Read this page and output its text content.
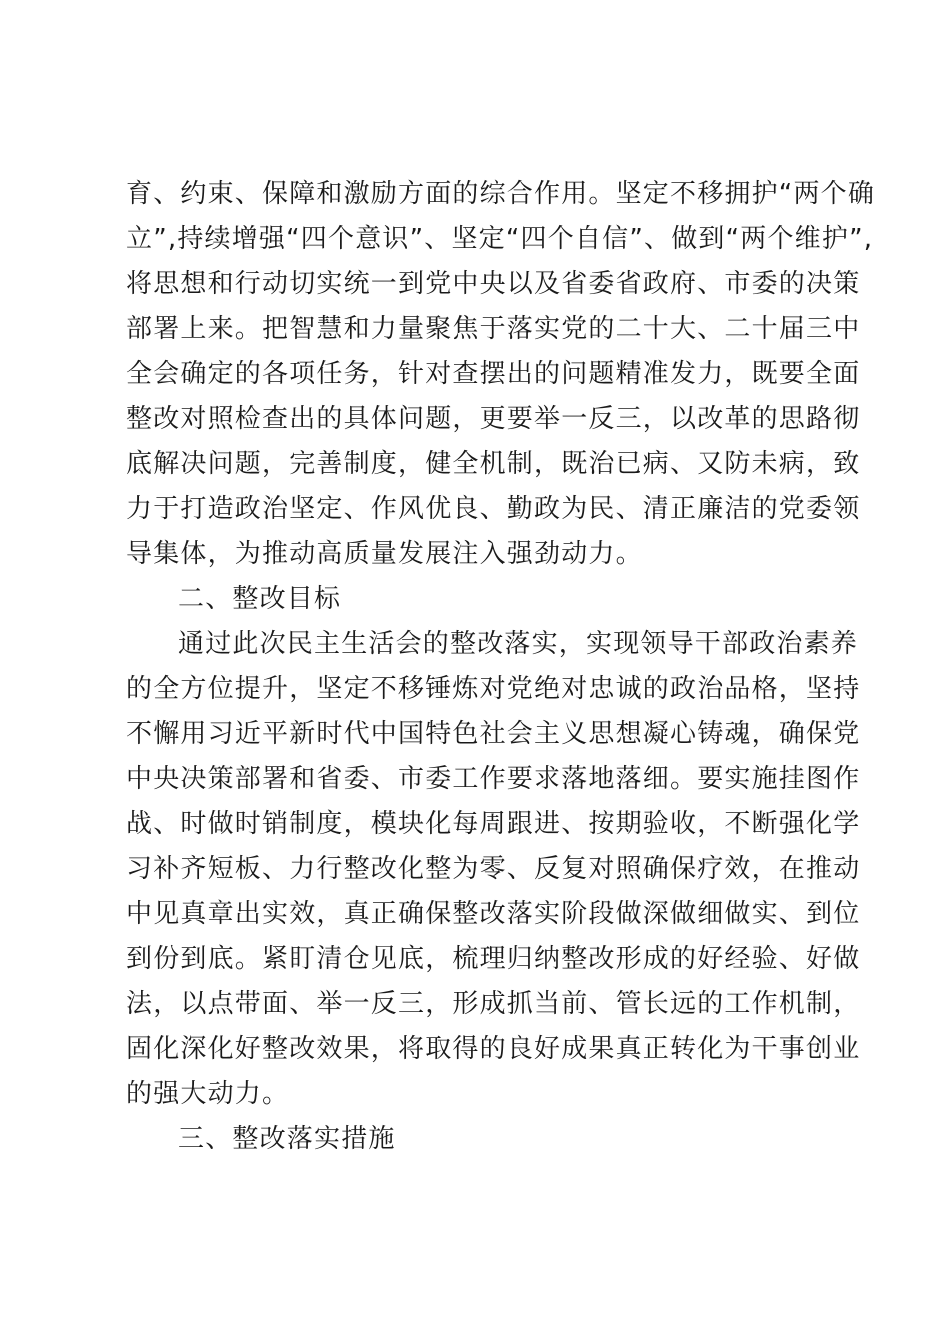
育、约束、保障和激励方面的综合作用。坚定不移拥护“两个确
立”,持续增强“四个意识”、坚定“四个自信”、做到“两个维护”,
将思想和行动切实统一到党中央以及省委省政府、市委的决策
部署上来。把智慧和力量聚焦于落实党的二十大、二十届三中
全会确定的各项任务，针对查摆出的问题精准发力，既要全面
整改对照检查出的具体问题，更要举一反三，以改革的思路彻
底解决问题，完善制度，健全机制，既治已病、又防未病，致
力于打造政治坚定、作风优良、勤政为民、清正廉洁的党委领
导集体，为推动高质量发展注入强劲动力。
二、整改目标
通过此次民主生活会的整改落实，实现领导干部政治素养
的全方位提升，坚定不移锤炼对党绝对忠诚的政治品格，坚持
不懈用习近平新时代中国特色社会主义思想凝心铸魂，确保党
中央决策部署和省委、市委工作要求落地落细。要实施挂图作
战、时做时销制度，模块化每周跟进、按期验收，不断强化学
习补齐短板、力行整改化整为零、反复对照确保疗效，在推动
中见真章出实效，真正确保整改落实阶段做深做细做实、到位
到份到底。紧盯清仓见底，梳理归纳整改形成的好经验、好做
法，以点带面、举一反三，形成抓当前、管长远的工作机制，
固化深化好整改效果，将取得的良好成果真正转化为干事创业
的强大动力。
三、整改落实措施
